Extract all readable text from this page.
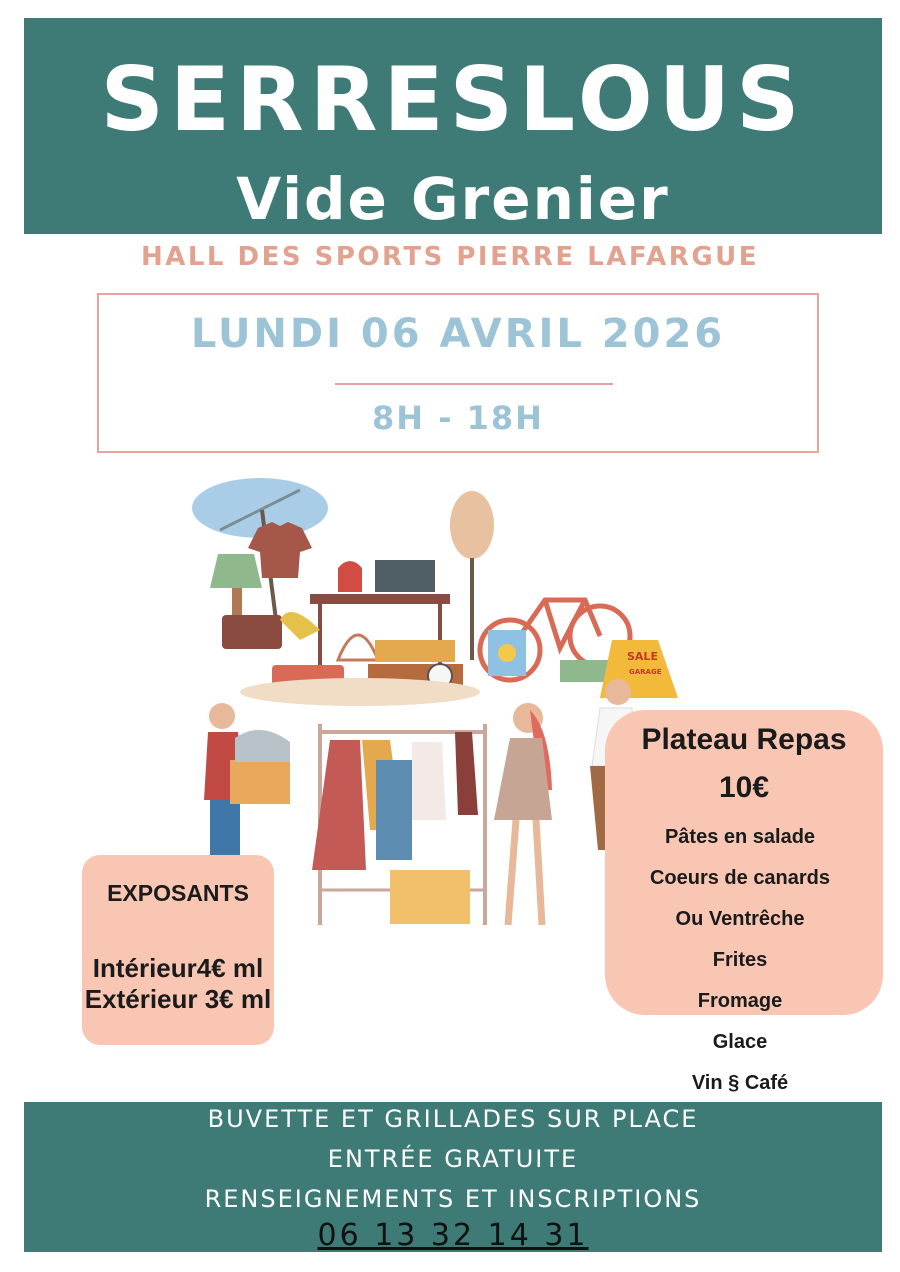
SERRESLOUS
Vide Grenier
HALL DES SPORTS PIERRE LAFARGUE
LUNDI 06 AVRIL 2026
8H - 18H
SALE
GARAGE
EXPOSANTS
Intérieur4€ ml
Extérieur 3€ ml
Plateau Repas
10€
Pâtes en salade
Coeurs de canards
Ou Ventrêche
Frites
Fromage
Glace
Vin § Café
BUVETTE ET GRILLADES SUR PLACE
ENTRÉE GRATUITE
RENSEIGNEMENTS ET INSCRIPTIONS
06 13 32 14 31
